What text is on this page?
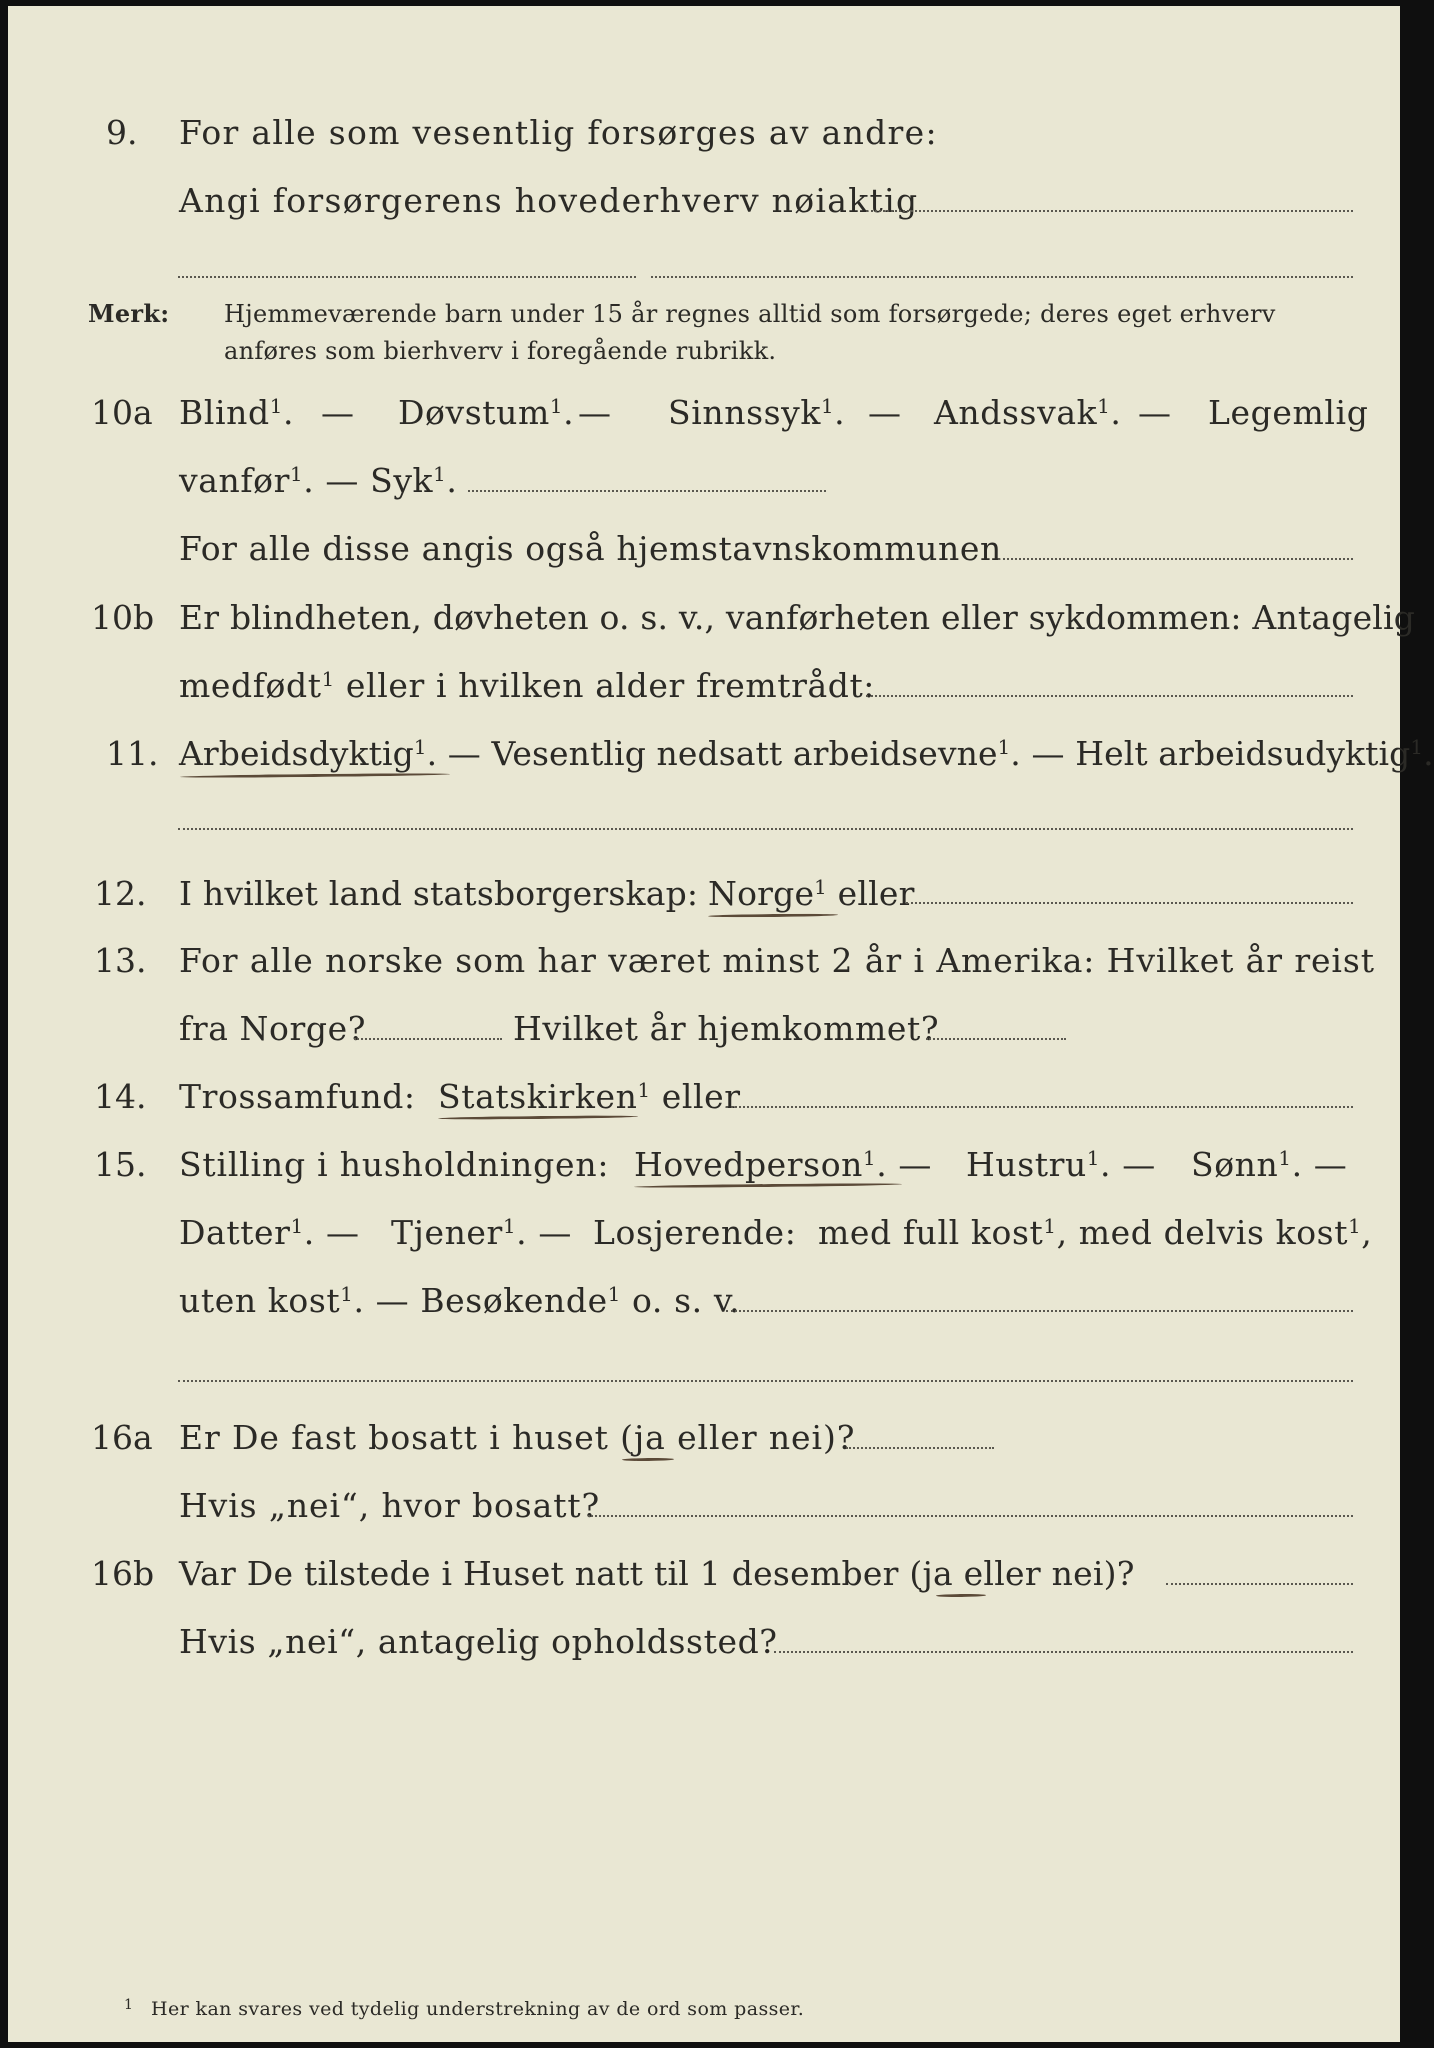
9. For alle som vesentlig forsørges av andre:
Angi forsørgerens hovederhverv nøiaktig
Merk: Hjemmeværende barn under 15 år regnes alltid som forsørgede; deres eget erhverv
anføres som bierhverv i foregående rubrikk.
10a Blind$^1$. — Døvstum$^1$. — Sinnssyk$^1$. — Andssvak$^1$. — Legemlig
vanfør$^1$. — Syk$^1$.
For alle disse angis også hjemstavnskommunen
10b Er blindheten, døvheten o. s. v., vanførheten eller sykdommen: Antagelig
medfødt$^1$ eller i hvilken alder fremtrådt:
11. Arbeidsdyktig$^1$. — Vesentlig nedsatt arbeidsevne$^1$. — Helt arbeidsudyktig$^1$.
12. I hvilket land statsborgerskap: Norge$^1$ eller
13. For alle norske som har været minst 2 år i Amerika: Hvilket år reist
fra Norge?	Hvilket år hjemkommet?
14. Trossamfund: Statskirken$^1$ eller
15. Stilling i husholdningen: Hovedperson$^1$. — Hustru$^1$. — Sønn$^1$. —
Datter$^1$. — Tjener$^1$. — Losjerende: med full kost$^1$, med delvis kost$^1$,
uten kost$^1$. — Besøkende$^1$ o. s. v.
16a Er De fast bosatt i huset (ja eller nei)?
Hvis „nei“, hvor bosatt?
16b Var De tilstede i Huset natt til 1 desember (ja eller nei)?
Hvis „nei“, antagelig opholdssted?
1 Her kan svares ved tydelig understrekning av de ord som passer.
